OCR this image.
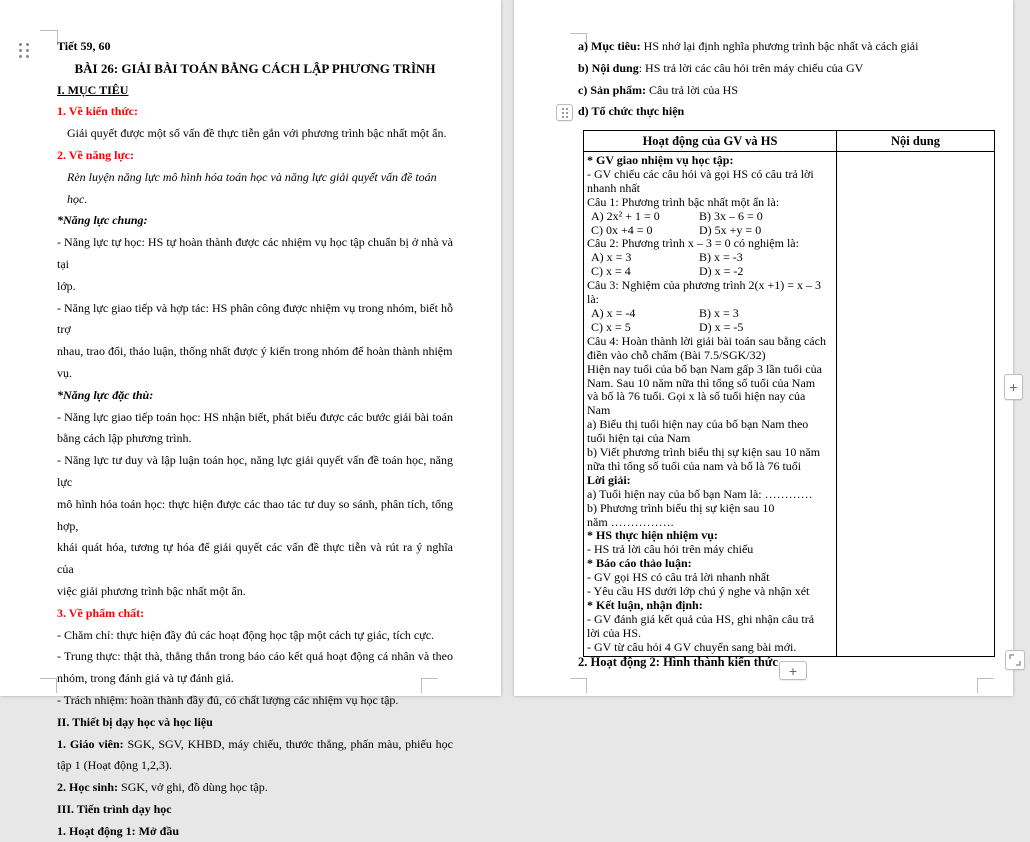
Tiết 59, 60
BÀI 26: GIẢI BÀI TOÁN BẰNG CÁCH LẬP PHƯƠNG TRÌNH
I. MỤC TIÊU
1. Về kiến thức:
Giải quyết được một số vấn đề thực tiễn gắn với phương trình bậc nhất một ẩn.
2. Về năng lực:
Rèn luyện năng lực mô hình hóa toán học và năng lực giải quyết vấn đề toán học.
*Năng lực chung:
- Năng lực tự học: HS tự hoàn thành được các nhiệm vụ học tập chuẩn bị ở nhà và tại
lớp.
- Năng lực giao tiếp và hợp tác: HS phân công được nhiệm vụ trong nhóm, biết hỗ trợ
nhau, trao đổi, thảo luận, thống nhất được ý kiến trong nhóm để hoàn thành nhiệm vụ.
*Năng lực đặc thù:
- Năng lực giao tiếp toán học: HS nhận biết, phát biểu được các bước giải bài toán
bằng cách lập phương trình.
- Năng lực tư duy và lập luận toán học, năng lực giải quyết vấn đề toán học, năng lực
mô hình hóa toán học: thực hiện được các thao tác tư duy so sánh, phân tích, tổng hợp,
khái quát hóa, tương tự hóa để giải quyết các vấn đề thực tiễn và rút ra ý nghĩa của
việc giải phương trình bậc nhất một ẩn.
3. Về phẩm chất:
- Chăm chỉ: thực hiện đầy đủ các hoạt động học tập một cách tự giác, tích cực.
- Trung thực: thật thà, thẳng thắn trong báo cáo kết quả hoạt động cá nhân và theo
nhóm, trong đánh giá và tự đánh giá.
- Trách nhiệm: hoàn thành đầy đủ, có chất lượng các nhiệm vụ học tập.
II. Thiết bị dạy học và học liệu
1. Giáo viên: SGK, SGV, KHBD, máy chiếu, thước thẳng, phấn màu, phiếu học
tập 1 (Hoạt động 1,2,3).
2. Học sinh: SGK, vở ghi, đồ dùng học tập.
III. Tiến trình dạy học
1. Hoạt động 1: Mở đầu
a) Mục tiêu: HS nhớ lại định nghĩa phương trình bậc nhất và cách giải
b) Nội dung: HS trả lời các câu hỏi trên máy chiếu của GV
c) Sản phẩm: Câu trả lời của HS
d) Tổ chức thực hiện
Hoạt động của GV và HS	Nội dung
* GV giao nhiệm vụ học tập:
- GV chiếu các câu hỏi và gọi HS có câu trả lời
nhanh nhất
Câu 1: Phương trình bậc nhất một ẩn là:
A) 2x² + 1 = 0	B) 3x – 6 = 0
C) 0x +4 = 0	D) 5x +y = 0
Câu 2: Phương trình x – 3 = 0 có nghiệm là:
A) x = 3	B) x = -3
C) x = 4	D) x = -2
Câu 3: Nghiệm của phương trình 2(x +1) = x – 3
là:
A) x = -4	B) x = 3
C) x = 5	D) x = -5
Câu 4: Hoàn thành lời giải bài toán sau bằng cách
điền vào chỗ chấm (Bài 7.5/SGK/32)
Hiện nay tuổi của bố bạn Nam gấp 3 lần tuổi của
Nam. Sau 10 năm nữa thì tổng số tuổi của Nam
và bố là 76 tuổi. Gọi x là số tuổi hiện nay của
Nam
a) Biểu thị tuổi hiện nay của bố bạn Nam theo
tuổi hiện tại của Nam
b) Viết phương trình biểu thị sự kiện sau 10 năm
nữa thì tổng số tuổi của nam và bố là 76 tuổi
Lời giải:
a) Tuổi hiện nay của bố bạn Nam là: …………
b) Phương trình biểu thị sự kiện sau 10
năm …………….
* HS thực hiện nhiệm vụ:
- HS trả lời câu hỏi trên máy chiếu
* Báo cáo thảo luận:
- GV gọi HS có câu trả lời nhanh nhất
- Yêu cầu HS dưới lớp chú ý nghe và nhận xét
* Kết luận, nhận định:
- GV đánh giá kết quả của HS, ghi nhận câu trả
lời của HS.
- GV từ câu hỏi 4 GV chuyển sang bài mới.
2. Hoạt động 2: Hình thành kiến thức
+
+
